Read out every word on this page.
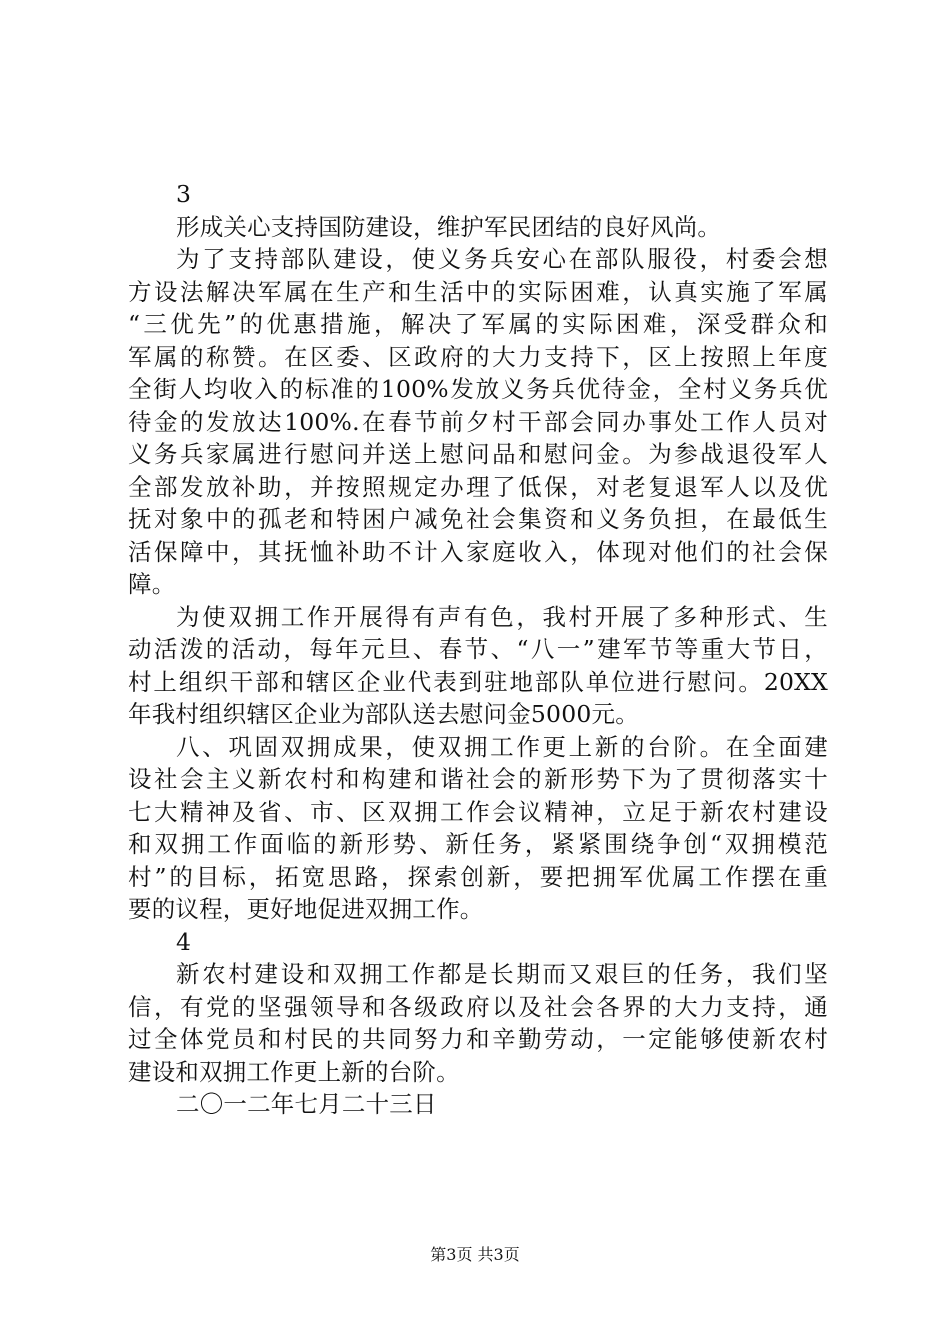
3
形成关心支持国防建设，维护军民团结的良好风尚。
为了支持部队建设，使义务兵安心在部队服役，村委会想
方设法解决军属在生产和生活中的实际困难，认真实施了军属
“三优先”的优惠措施，解决了军属的实际困难，深受群众和
军属的称赞。在区委、区政府的大力支持下，区上按照上年度
全街人均收入的标准的100%发放义务兵优待金，全村义务兵优
待金的发放达100%.在春节前夕村干部会同办事处工作人员对
义务兵家属进行慰问并送上慰问品和慰问金。为参战退役军人
全部发放补助，并按照规定办理了低保，对老复退军人以及优
抚对象中的孤老和特困户减免社会集资和义务负担，在最低生
活保障中，其抚恤补助不计入家庭收入，体现对他们的社会保
障。
为使双拥工作开展得有声有色，我村开展了多种形式、生
动活泼的活动，每年元旦、春节、“八一”建军节等重大节日，
村上组织干部和辖区企业代表到驻地部队单位进行慰问。20XX
年我村组织辖区企业为部队送去慰问金5000元。
八、巩固双拥成果，使双拥工作更上新的台阶。在全面建
设社会主义新农村和构建和谐社会的新形势下为了贯彻落实十
七大精神及省、市、区双拥工作会议精神，立足于新农村建设
和双拥工作面临的新形势、新任务，紧紧围绕争创“双拥模范
村”的目标，拓宽思路，探索创新，要把拥军优属工作摆在重
要的议程，更好地促进双拥工作。
4
新农村建设和双拥工作都是长期而又艰巨的任务，我们坚
信，有党的坚强领导和各级政府以及社会各界的大力支持，通
过全体党员和村民的共同努力和辛勤劳动，一定能够使新农村
建设和双拥工作更上新的台阶。
二〇一二年七月二十三日
第3页 共3页
